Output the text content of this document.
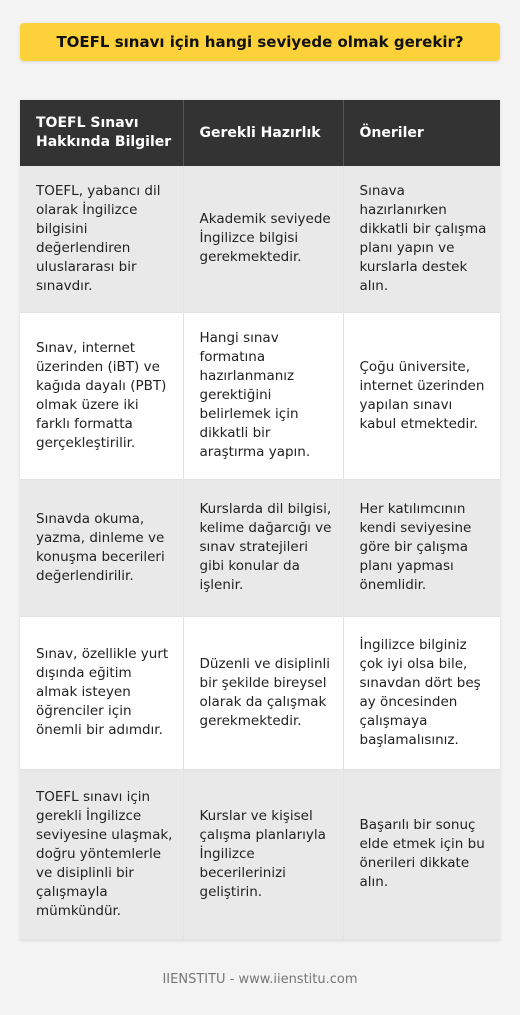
TOEFL sınavı için hangi seviyede olmak gerekir?
TOEFL Sınavı Hakkında Bilgiler	Gerekli Hazırlık	Öneriler
TOEFL, yabancı dil olarak İngilizce bilgisini değerlendiren uluslararası bir sınavdır.	Akademik seviyede İngilizce bilgisi gerekmektedir.	Sınava hazırlanırken dikkatli bir çalışma planı yapın ve kurslarla destek alın.
Sınav, internet üzerinden (iBT) ve kağıda dayalı (PBT) olmak üzere iki farklı formatta gerçekleştirilir.	Hangi sınav formatına hazırlanmanız gerektiğini belirlemek için dikkatli bir araştırma yapın.	Çoğu üniversite, internet üzerinden yapılan sınavı kabul etmektedir.
Sınavda okuma, yazma, dinleme ve konuşma becerileri değerlendirilir.	Kurslarda dil bilgisi, kelime dağarcığı ve sınav stratejileri gibi konular da işlenir.	Her katılımcının kendi seviyesine göre bir çalışma planı yapması önemlidir.
Sınav, özellikle yurt dışında eğitim almak isteyen öğrenciler için önemli bir adımdır.	Düzenli ve disiplinli bir şekilde bireysel olarak da çalışmak gerekmektedir.	İngilizce bilginiz çok iyi olsa bile, sınavdan dört beş ay öncesinden çalışmaya başlamalısınız.
TOEFL sınavı için gerekli İngilizce seviyesine ulaşmak, doğru yöntemlerle ve disiplinli bir çalışmayla mümkündür.	Kurslar ve kişisel çalışma planlarıyla İngilizce becerilerinizi geliştirin.	Başarılı bir sonuç elde etmek için bu önerileri dikkate alın.
IIENSTITU - www.iienstitu.com
